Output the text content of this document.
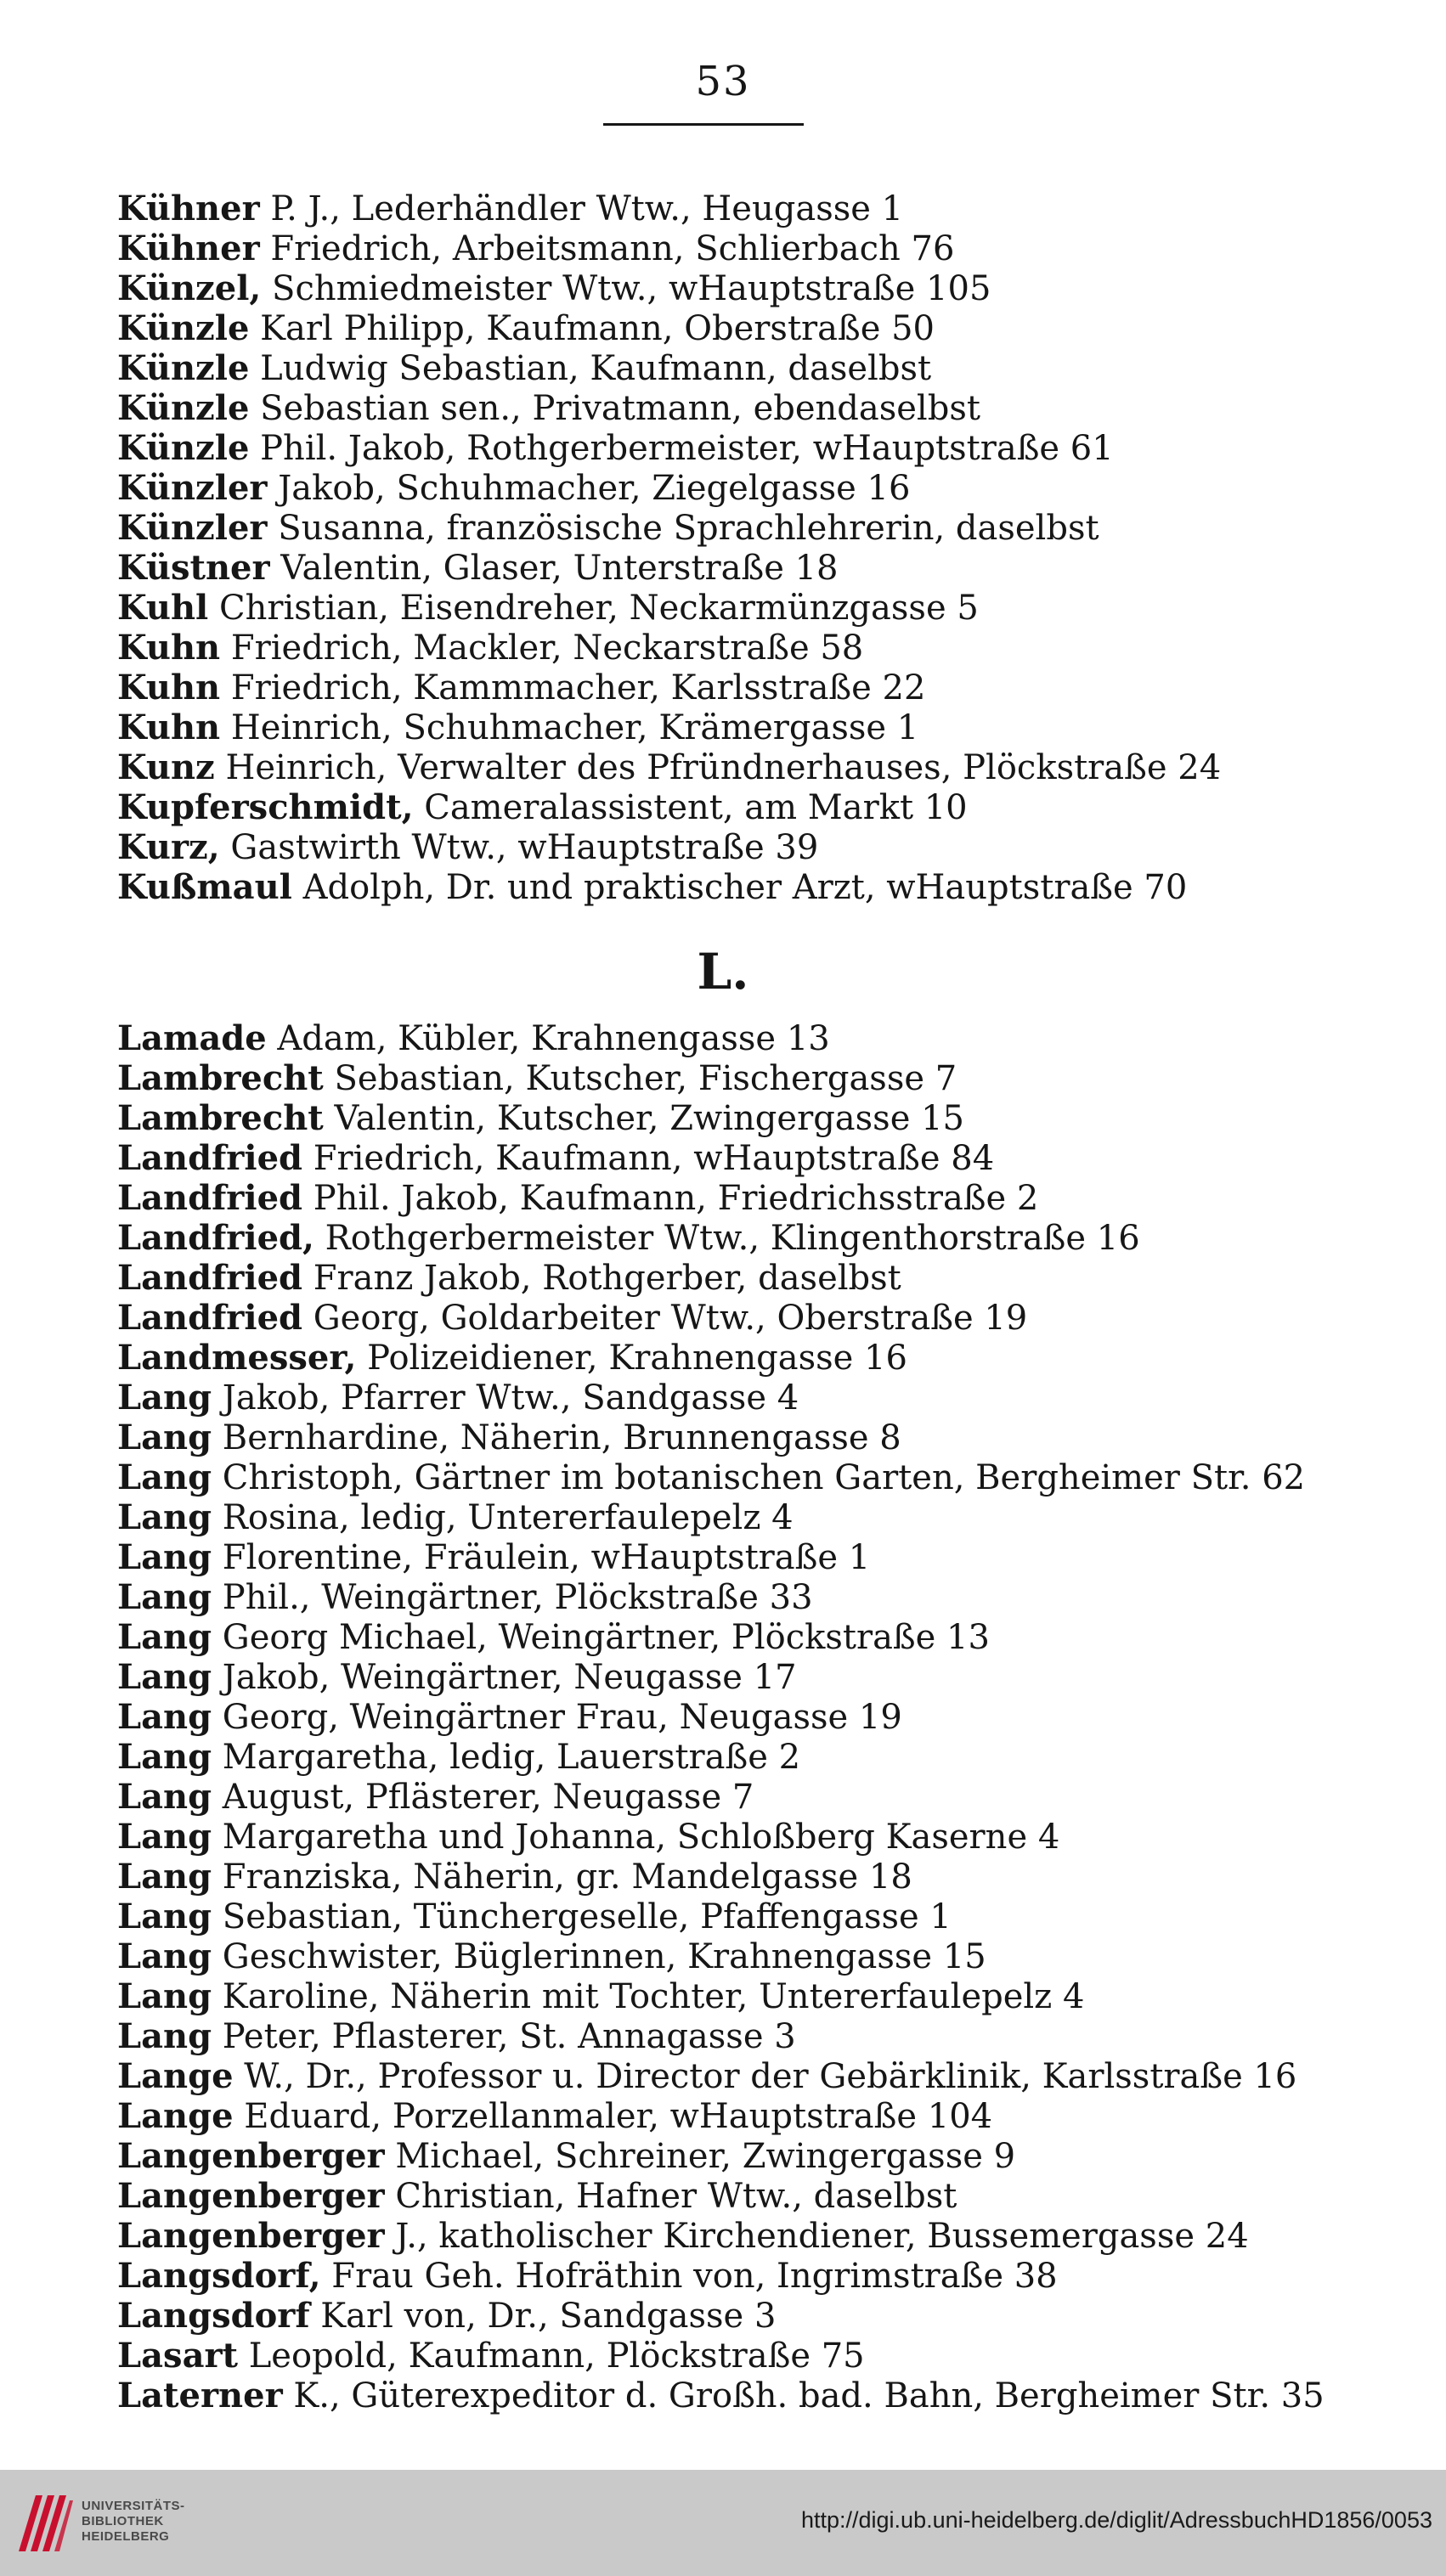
53
Kühner P. J., Lederhändler Wtw., Heugasse 1
Kühner Friedrich, Arbeitsmann, Schlierbach 76
Künzel, Schmiedmeister Wtw., wHauptstraße 105
Künzle Karl Philipp, Kaufmann, Oberstraße 50
Künzle Ludwig Sebastian, Kaufmann, daselbst
Künzle Sebastian sen., Privatmann, ebendaselbst
Künzle Phil. Jakob, Rothgerbermeister, wHauptstraße 61
Künzler Jakob, Schuhmacher, Ziegelgasse 16
Künzler Susanna, französische Sprachlehrerin, daselbst
Küstner Valentin, Glaser, Unterstraße 18
Kuhl Christian, Eisendreher, Neckarmünzgasse 5
Kuhn Friedrich, Mackler, Neckarstraße 58
Kuhn Friedrich, Kammmacher, Karlsstraße 22
Kuhn Heinrich, Schuhmacher, Krämergasse 1
Kunz Heinrich, Verwalter des Pfründnerhauses, Plöckstraße 24
Kupferschmidt, Cameralassistent, am Markt 10
Kurz, Gastwirth Wtw., wHauptstraße 39
Kußmaul Adolph, Dr. und praktischer Arzt, wHauptstraße 70
L.
Lamade Adam, Kübler, Krahnengasse 13
Lambrecht Sebastian, Kutscher, Fischergasse 7
Lambrecht Valentin, Kutscher, Zwingergasse 15
Landfried Friedrich, Kaufmann, wHauptstraße 84
Landfried Phil. Jakob, Kaufmann, Friedrichsstraße 2
Landfried, Rothgerbermeister Wtw., Klingenthorstraße 16
Landfried Franz Jakob, Rothgerber, daselbst
Landfried Georg, Goldarbeiter Wtw., Oberstraße 19
Landmesser, Polizeidiener, Krahnengasse 16
Lang Jakob, Pfarrer Wtw., Sandgasse 4
Lang Bernhardine, Näherin, Brunnengasse 8
Lang Christoph, Gärtner im botanischen Garten, Bergheimer Str. 62
Lang Rosina, ledig, Untererfaulepelz 4
Lang Florentine, Fräulein, wHauptstraße 1
Lang Phil., Weingärtner, Plöckstraße 33
Lang Georg Michael, Weingärtner, Plöckstraße 13
Lang Jakob, Weingärtner, Neugasse 17
Lang Georg, Weingärtner Frau, Neugasse 19
Lang Margaretha, ledig, Lauerstraße 2
Lang August, Pflästerer, Neugasse 7
Lang Margaretha und Johanna, Schloßberg Kaserne 4
Lang Franziska, Näherin, gr. Mandelgasse 18
Lang Sebastian, Tünchergeselle, Pfaffengasse 1
Lang Geschwister, Büglerinnen, Krahnengasse 15
Lang Karoline, Näherin mit Tochter, Untererfaulepelz 4
Lang Peter, Pflasterer, St. Annagasse 3
Lange W., Dr., Professor u. Director der Gebärklinik, Karlsstraße 16
Lange Eduard, Porzellanmaler, wHauptstraße 104
Langenberger Michael, Schreiner, Zwingergasse 9
Langenberger Christian, Hafner Wtw., daselbst
Langenberger J., katholischer Kirchendiener, Bussemergasse 24
Langsdorf, Frau Geh. Hofräthin von, Ingrimstraße 38
Langsdorf Karl von, Dr., Sandgasse 3
Lasart Leopold, Kaufmann, Plöckstraße 75
Laterner K., Güterexpeditor d. Großh. bad. Bahn, Bergheimer Str. 35
UNIVERSITÄTS-
BIBLIOTHEK
HEIDELBERG
http://digi.ub.uni-heidelberg.de/diglit/AdressbuchHD1856/0053
